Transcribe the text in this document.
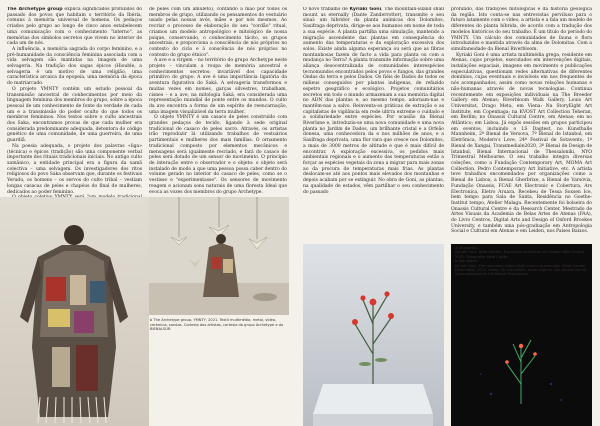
The Archetype group explica significados profundos do passado dos povos que habitam o território da Ibéria, comuns à memória universal de homens. Os pedaços criados pelo grupo ao longo de cinco anos estabelecem uma comunicação com o conhecimento "interno", as memórias dos símbolos secretos que vivem no interior de cada um de nós.

A influência, a memória sagrada do corpo feminino, e a pré-humanidade da consciência feminina associada com a vida selvagem são mantidas na imagem de uma selvageria. Na tradição dos sagas épicos (Hiouble, a selvageria é um motivo de uma religião, uma característica arcaica da epopeia, uma memória da época do matriarcado.

O projeto YMNTY contém um estudo pessoal da transmissão ancestral de conhecimentos por meio da linguagem feminina dos membros do grupo, sobre a época pessoal de um conhecimento de fonte da verdade de cada um e a transmissão do poder oculto do que todos os membros femininos. Nos textos sobre o culto ancestrais dos Saka, encontramos provas de que cada mulher era considerada predominante adequada, detentora do código genético de uma comunidade, de uma guerreira, de uma guardiã.

Na poesia adequada, o projeto dos palavras «liga» (técnica) e épicos (tradição) são uma componente verbal importante dos rituais tradicionais iníciais. No antigo culto xamânico, a entidade principal era a figura da xamã colectiva – uma selvagem. Os investigadores dos ritos religiosos do povo Saka observam que, durante os festivais Yerudu, os homens – os servos do culto tribal – vestiam longas casacas de peles e chapéus do final de mulheres, dedicados ao poder feminino.

de peles com um amuleto), contando a mão por todos os membros de grupo, utilizando os pensamentos do vestuário usado pelas nossas avós, mães e por nós mesmos. Ao recriar o processo de elaboração do seu "cordão" ritual, criamos um modelo antropológico e mitológico de nossa psique, conservando, o conhecimento tácito, os grupos ancestrais, e proporciona a consciência de nós próprios no contexto do ciclo e à conscência de nós próprios no contexto do grupo étnico".

A ave e a virgem – no território do grupo Archetype neste projeto – vinculam a roupa de memória ancestral e conhecimentos secretos: invariável dos capacidade primitivo do grupo. A ave é uma importância ligatória da aventura figurativa do Saká. A selvageria transformou e muitas vezes em nomes, garças silvestres, trabalham, cisnes – e a ave, na mitologia Saká, era considerada uma representação mundial de ponte entre os mundos. O culto da ave encontra a forma de um espírito de reencarnação, uma imagem visualizável da terra mulher.

O objeto YMNTY é um casaco de peles construído com grandes pedaços de tecido, ligando à sede original tradicional de casaco de peles sacro. Através, os artistas irão reproduzir lá utilizando trabalhos de vestuários partimentais e mulheres dos mais famílias. O ornamento tradicional composto por elementos mecânicos e mensagens será igualmente recriado, e fará do casaco de peles será dotado de um sensor de movimento. O princípio de interação entre o observador e o objeto: o objeto será instalado de modo a que uma pessoa possa caber dentro do volume gerado no interior do casaco de peles, como se o vestisse e "experimentasse". Os sensores de movimento reagem e acionam sons naturais de uma floresta Ideal que evoca as vozes dos membros do grupo Archetype.

O novo trabalho de Kyriaki Goni, The mountain-island shall mount us eternally (Dante Zanderrotter), transmite o seu sinal: um hibridor da planta anímicas dos Dolomitos, Saxifraga deprivata, dirige-se aos humanos em nome de toda a sua espécie. A planta partilha uma simulação, mantendo a migração ascendente das plantas em consequência do aumento das temperaturas e da exploração excessiva dos solos. Existe ainda alguma esperança ou será que as fibras montanhosas fazem de facto a vida para planta ou com a mudança no Terra? A planta transmite informação sobre uma alíança desocentralizada de comunidades interespécies tecnomundos encontrados pelos povos e fungos, das grandes Ondas da terra e pelos Dados. Os fiéis de Dados de todos os milieus conseguidos por plantas indígenas, de refazido espetro geográfico e ecológico. Projetos comunitários secretos em todo o mundo armazenam a sua memória digital no ADN das plantas e, ao mesmo tempo, adornam-nas e mantêm-nas a salvo. Reinventa-os práticas de extração e as capitalistas de vigilância em rede ultrra extreme o cuidado e a solidariedade entre espécies. Por ocasião da Bienal Riverlane e, introduziu-se uma nova comunidade e uma nova planta no Jardim de Dados, um brilhante cristal e a Orfeão donesa, uma conhecedora da e nos milhões de anos, e a Saxífraga deprivata, uma flor rara que cresce nos Dolomitos, a mais de 3000 metros de altitude e que é mais difícil de encontrar. A exploração excessiva, os pedidos mais ambientais regionais e o aumento das temperaturas estão a forçar as espécies vegetais da zona a migrar para mais zonas ao da procura de temperaturas mais frias. As plantas deslocam-se até aos pontos mais elevados dos montanhas e depois acabam por se extinguir. No obra de Goni, as plantas, na qualidade de estados, vêm partilhar o seu conhecimento do passado

profundo, das tradições mitológicas e da história geológica da região. Isto conta-se nas entrevistas perviluso para o futuro latamente com o vídeo, a artista e a fala um modelo de diferentes do planta híbrida, de acordo com a tradução dos modelos históricos do seu trabalho. É um título do período do YMNTY. Um cálculo dos comunidades de fauna e flora introduzidos e mantida através da alma de Dolomitas. Com a simultaneidade da Bienal Riverbloom.

Kyriaki Goni é uma artista multimédia grega, residente em Atenas, cujos projetos, executados em intervenções digitais, instalações espaciais, imagens em movimento e publicações especulativas, questionam redes alternativas de diferentes domínios, cujas eventuais e invisíveis em nos frequentes de nós acompanhados, assim como novas relações humanas e não-humanas através de novas tecnologias. Continua recentemente em exposições individuais na The Breeder Gallery em Atenas; Riverbloom Walk Gallery, Louis Art Universitat, Drago Meta, em Viena: Na StoryEight Art Institute, em Copenhaga; na KVOST Art Collection Teheran, em Berlim; no Onassis Cultural Centre, em Atenas; em no Atlântico; em Lisboa. Já expôs sessões em grupos participou em eventos, incluindo o LS Dagtest, no Kunsthalle Mannheim, 2º Bienal de Versova, 7º Bienal de Istanbul, em Eletrônica, Modern's Love, 24º Festival de Sotavento, 1º Bienal de Xangai, Transmediale2020, 3º Bienal de Design de Istanbul, Bienal Internacional de Thessaloniki, NYO Trimestral Melbourne. O seu trabalho integra diversas coleções, como a Fundação Contemporary Art, MOMA Art Collection, Pedro Contemporary Art Initiative, etc. A artista teve trabalhos encomendados por organizações como a Bienal de Lisboa, a Bienal Gherbrixe, a Bienal de Varsóvia, Fundação Onassis, FCAE Art Electronic e Cobertura, Ars Electronica, Eletro Aruara. Recebeu de Tessa Soxsen Ice, bem tempo para Sala de Santa, Residência no Goethe-Institut tempo, Atelier Malaga. Recentemente foi bolseira do Onassis Cultural Centre e da Research Center, Mestrado de Artes Visuais da Academia de Belas Artes de Atenas (FAA), do Livro Centros, Digital Arts and Design of Oxford Brookes University, e também uma pós-graduação em Antropologia Social e Cultural em Atenas e em Leiden, nos Países Baixos.

b The Archetype group, YMNTY, 2021. Textil multimédia, metal, vídeo, cerâmica, sondas. Cortesia dos artistas, cortesia do grupo Archetype e do BIENALSUR.
a (esquerda)
Kyriaki Goni, Data Garden, Exposição individual no Einstein Wild Gallery 2021. Fotografia: Kate Casila.
b (em baixo)
Kyriaki Goni, The mountain-island shall mount us eternally (Data Garden Dolomites), 2021. Video, 3D simulation, texto original, voz gerada por IA. Commissioned by the Bienal Riverbloom.
